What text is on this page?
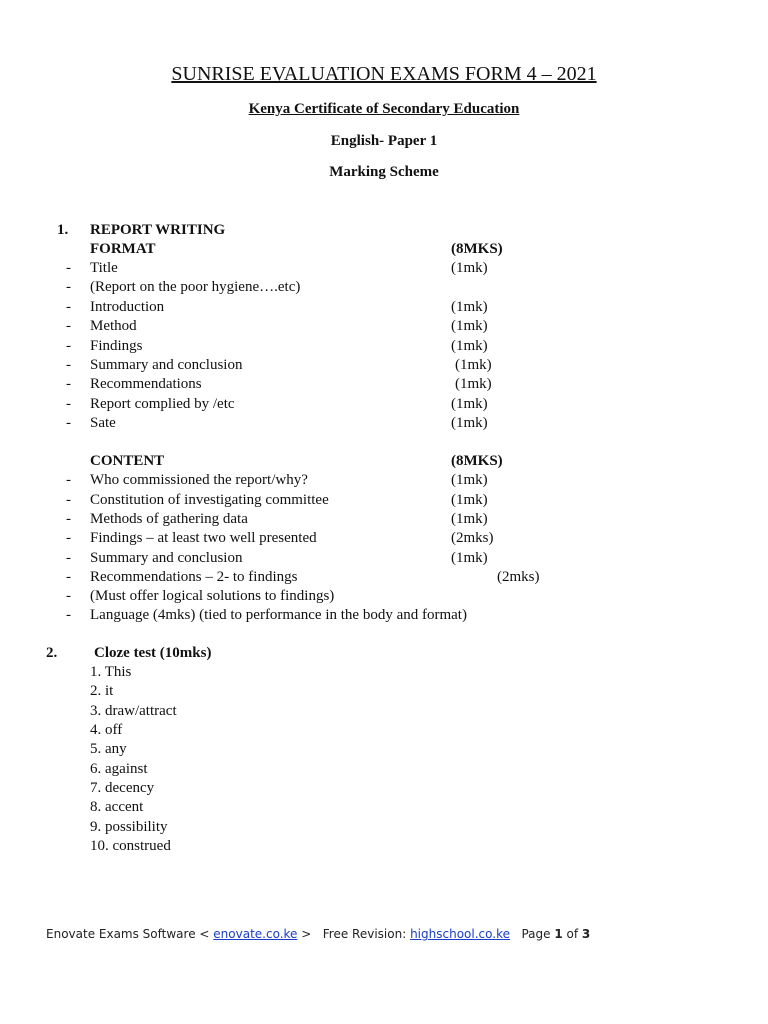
SUNRISE EVALUATION EXAMS FORM 4 – 2021
Kenya Certificate of Secondary Education
English- Paper 1
Marking Scheme
1. REPORT WRITING
FORMAT	(8MKS)
- Title	(1mk)
- (Report on the poor hygiene….etc)
- Introduction	(1mk)
- Method	(1mk)
- Findings	(1mk)
- Summary and conclusion	(1mk)
- Recommendations	(1mk)
- Report complied by /etc	(1mk)
- Sate	(1mk)
CONTENT	(8MKS)
- Who commissioned the report/why?	(1mk)
- Constitution of investigating committee	(1mk)
- Methods of gathering data	(1mk)
- Findings – at least two well presented	(2mks)
- Summary and conclusion	(1mk)
- Recommendations – 2- to findings	(2mks)
- (Must offer logical solutions to findings)
- Language (4mks) (tied to performance in the body and format)
2. Cloze test (10mks)
1. This
2. it
3. draw/attract
4. off
5. any
6. against
7. decency
8. accent
9. possibility
10. construed
Enovate Exams Software < enovate.co.ke > Free Revision: highschool.co.ke Page 1 of 3
